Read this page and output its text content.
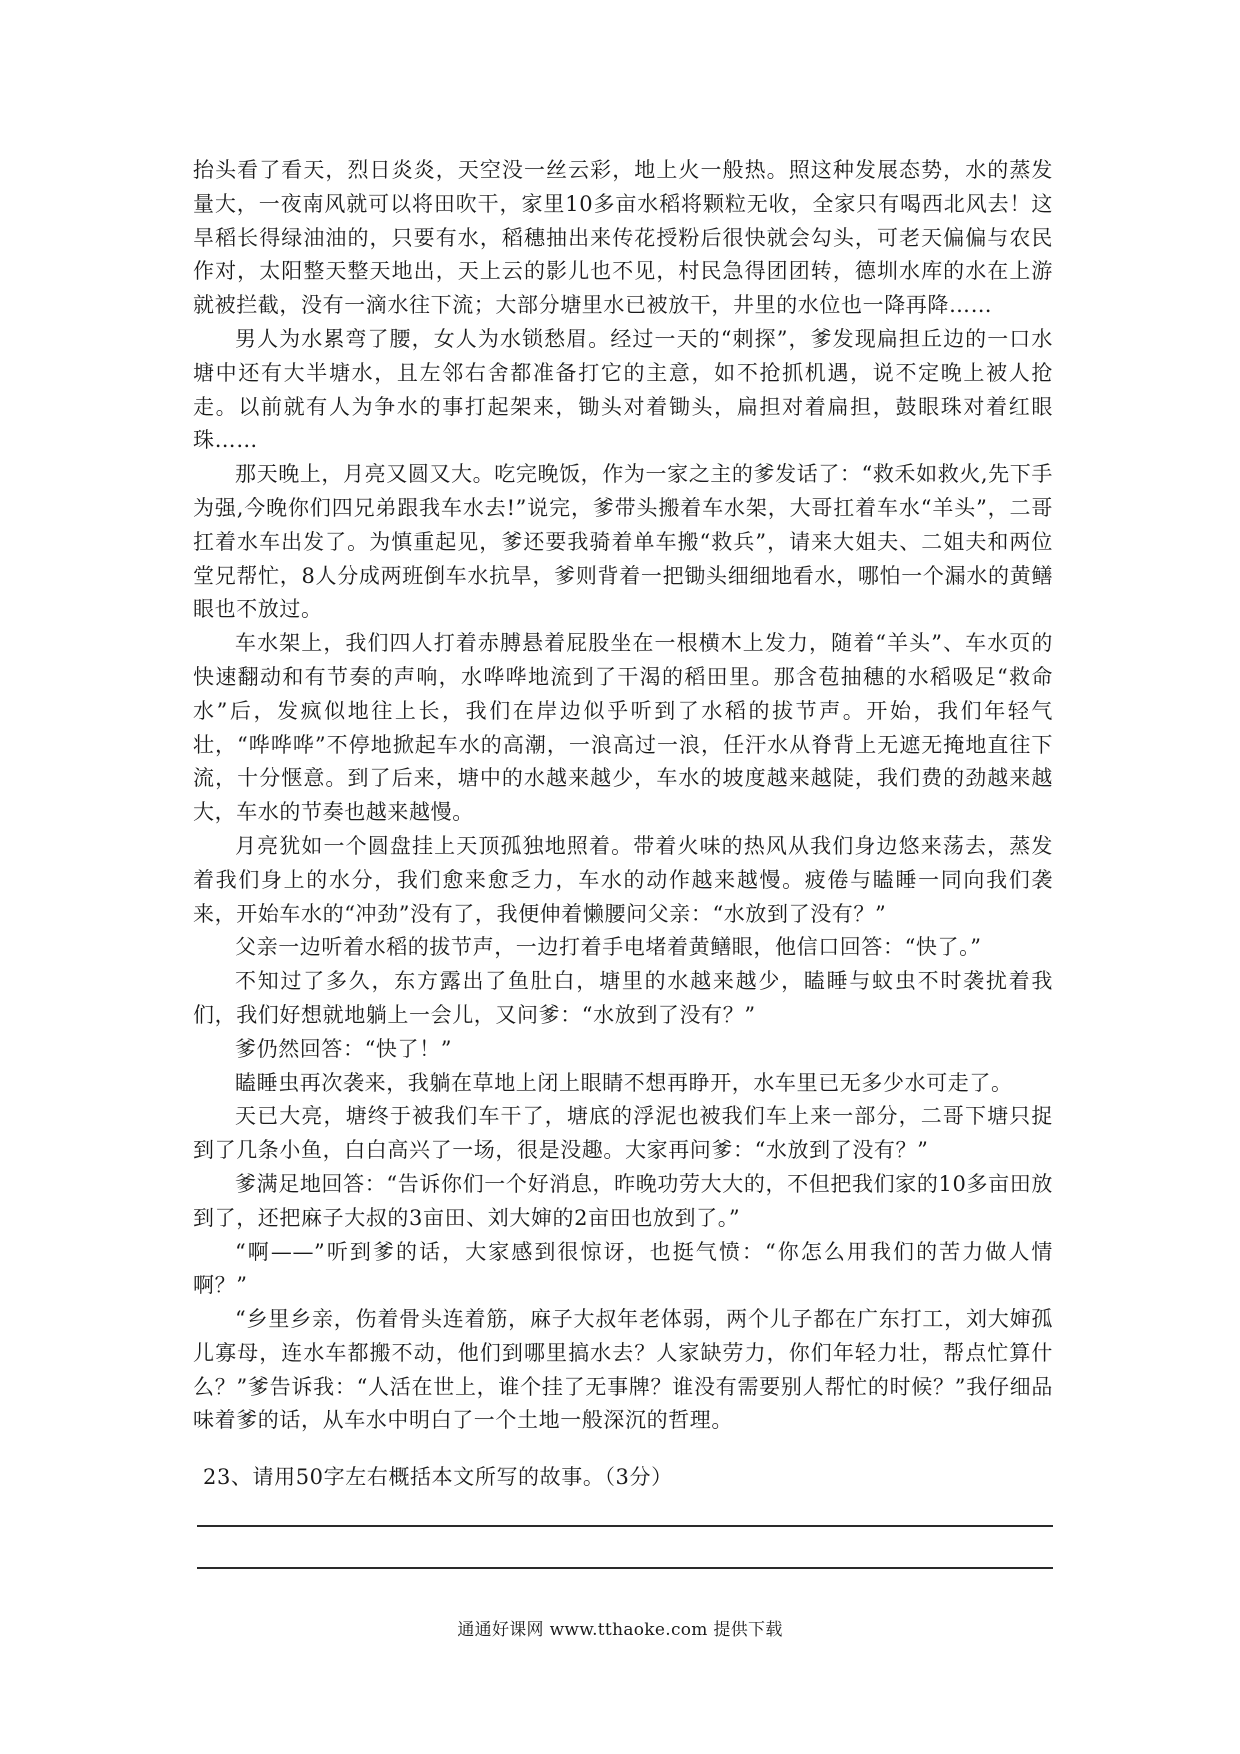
抬头看了看天，烈日炎炎，天空没一丝云彩，地上火一般热。照这种发展态势，水的蒸发量大，一夜南风就可以将田吹干，家里10多亩水稻将颗粒无收，全家只有喝西北风去！这旱稻长得绿油油的，只要有水，稻穗抽出来传花授粉后很快就会勾头，可老天偏偏与农民作对，太阳整天整天地出，天上云的影儿也不见，村民急得团团转，德圳水库的水在上游就被拦截，没有一滴水往下流；大部分塘里水已被放干，井里的水位也一降再降……

男人为水累弯了腰，女人为水锁愁眉。经过一天的“刺探”，爹发现扁担丘边的一口水塘中还有大半塘水，且左邻右舍都准备打它的主意，如不抢抓机遇，说不定晚上被人抢走。以前就有人为争水的事打起架来，锄头对着锄头，扁担对着扁担，鼓眼珠对着红眼珠……

那天晚上，月亮又圆又大。吃完晚饭，作为一家之主的爹发话了：“救禾如救火,先下手为强,今晚你们四兄弟跟我车水去!”说完，爹带头搬着车水架，大哥扛着车水“羊头”，二哥扛着水车出发了。为慎重起见，爹还要我骑着单车搬“救兵”，请来大姐夫、二姐夫和两位堂兄帮忙，8人分成两班倒车水抗旱，爹则背着一把锄头细细地看水，哪怕一个漏水的黄鳝眼也不放过。

车水架上，我们四人打着赤膊悬着屁股坐在一根横木上发力，随着“羊头”、车水页的快速翻动和有节奏的声响，水哗哗地流到了干渴的稻田里。那含苞抽穗的水稻吸足“救命水”后，发疯似地往上长，我们在岸边似乎听到了水稻的拔节声。开始，我们年轻气壮，“哗哗哗”不停地掀起车水的高潮，一浪高过一浪，任汗水从脊背上无遮无掩地直往下流，十分惬意。到了后来，塘中的水越来越少，车水的坡度越来越陡，我们费的劲越来越大，车水的节奏也越来越慢。

月亮犹如一个圆盘挂上天顶孤独地照着。带着火味的热风从我们身边悠来荡去，蒸发着我们身上的水分，我们愈来愈乏力，车水的动作越来越慢。疲倦与瞌睡一同向我们袭来，开始车水的“冲劲”没有了，我便伸着懒腰问父亲：“水放到了没有？”

父亲一边听着水稻的拔节声，一边打着手电堵着黄鳝眼，他信口回答：“快了。”

不知过了多久，东方露出了鱼肚白，塘里的水越来越少，瞌睡与蚊虫不时袭扰着我们，我们好想就地躺上一会儿，又问爹：“水放到了没有？”

爹仍然回答：“快了！”

瞌睡虫再次袭来，我躺在草地上闭上眼睛不想再睁开，水车里已无多少水可走了。

天已大亮，塘终于被我们车干了，塘底的浮泥也被我们车上来一部分，二哥下塘只捉到了几条小鱼，白白高兴了一场，很是没趣。大家再问爹：“水放到了没有？”

爹满足地回答：“告诉你们一个好消息，昨晚功劳大大的，不但把我们家的10多亩田放到了，还把麻子大叔的3亩田、刘大婶的2亩田也放到了。”

“啊——”听到爹的话，大家感到很惊讶，也挺气愤：“你怎么用我们的苦力做人情啊？”

“乡里乡亲，伤着骨头连着筋，麻子大叔年老体弱，两个儿子都在广东打工，刘大婶孤儿寡母，连水车都搬不动，他们到哪里搞水去？人家缺劳力，你们年轻力壮，帮点忙算什么？”爹告诉我：“人活在世上，谁个挂了无事牌？谁没有需要别人帮忙的时候？”我仔细品味着爹的话，从车水中明白了一个土地一般深沉的哲理。

23、请用50字左右概括本文所写的故事。（3分）
通通好课网 www.tthaoke.com 提供下载
